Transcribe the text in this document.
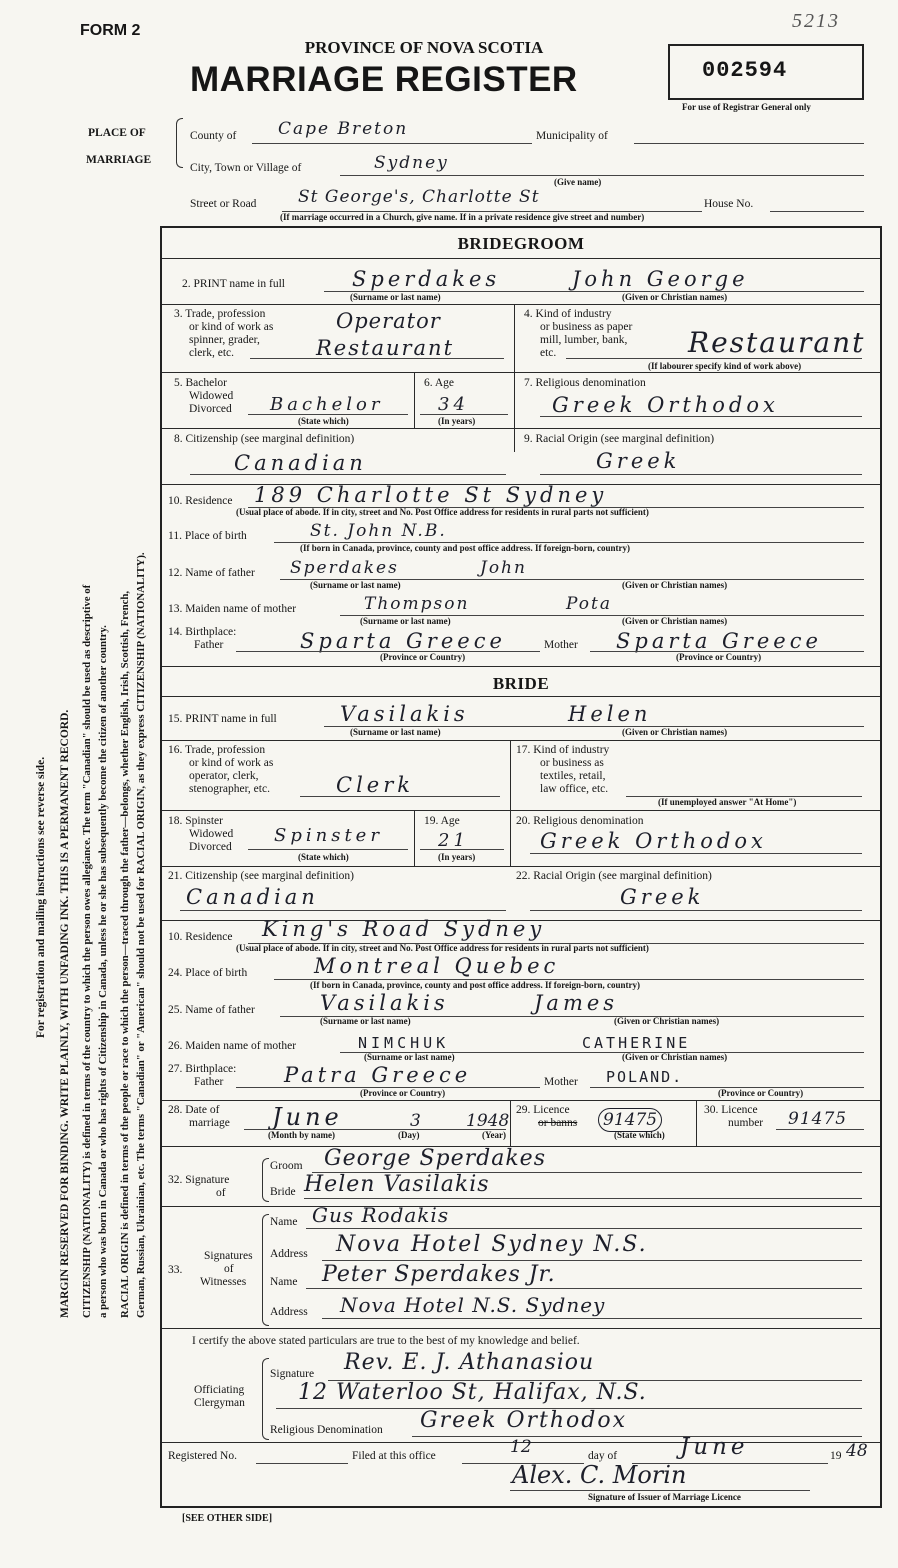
FORM 2	5213
PROVINCE OF NOVA SCOTIA
MARRIAGE REGISTER	002594
For use of Registrar General only
PLACE OF
MARRIAGE
County of Cape Breton	Municipality of
City, Town or Village of	Sydney
(Give name)
Street or Road St George's, Charlotte St	House No.
(If marriage occurred in a Church, give name. If in a private residence give street and number)
For registration and mailing instructions see reverse side. MARGIN RESERVED FOR BINDING. WRITE PLAINLY, WITH UNFADING INK. THIS IS A PERMANENT RECORD. CITIZENSHIP (NATIONALITY) is defined in terms of the country to which the person owes allegiance. The term "Canadian" should be used as descriptive of a person who was born in Canada or who has rights of Citizenship in Canada, unless he or she has subsequently become the citizen of another country. RACIAL ORIGIN is defined in terms of the people or race to which the person—traced through the father—belongs, whether English, Irish, Scottish, French, German, Russian, Ukrainian, etc. The terms "Canadian" or "American" should not be used for RACIAL ORIGIN, as they express CITIZENSHIP (NATIONALITY).
BRIDEGROOM
2. PRINT name in full	Sperdakes	John George
(Surname or last name)	(Given or Christian names)
3. Trade, profession
or kind of work as
spinner, grader,
clerk, etc.
Operator
Restaurant
4. Kind of industry
or business as paper
mill, lumber, bank,
etc.	Restaurant
(If labourer specify kind of work above)
5. Bachelor
Widowed
Divorced Bachelor
(State which)
6. Age
34
(In years)
7. Religious denomination
Greek Orthodox
8. Citizenship (see marginal definition)
Canadian
9. Racial Origin (see marginal definition)
Greek
10. Residence 189 Charlotte St Sydney
(Usual place of abode. If in city, street and No. Post Office address for residents in rural parts not sufficient)
11. Place of birth	St. John N.B.
(If born in Canada, province, county and post office address. If foreign-born, country)
12. Name of father Sperdakes	John
(Surname or last name)	(Given or Christian names)
13. Maiden name of mother	Thompson	Pota
(Surname or last name)	(Given or Christian names)
14. Birthplace:
Father	Sparta Greece	Mother Sparta Greece
(Province or Country)	(Province or Country)
BRIDE
15. PRINT name in full	Vasilakis	Helen
(Surname or last name)	(Given or Christian names)
16. Trade, profession
or kind of work as
operator, clerk,
stenographer, etc.	Clerk
17. Kind of industry
or business as
textiles, retail,
law office, etc.
(If unemployed answer "At Home")
18. Spinster
Widowed
Divorced
Spinster
(State which)
19. Age
21
(In years)
20. Religious denomination
Greek Orthodox
21. Citizenship (see marginal definition)
Canadian
22. Racial Origin (see marginal definition)
Greek
10. Residence King's Road Sydney
(Usual place of abode. If in city, street and No. Post Office address for residents in rural parts not sufficient)
24. Place of birth	Montreal Quebec
(If born in Canada, province, county and post office address. If foreign-born, country)
25. Name of father	Vasilakis	James
(Surname or last name)	(Given or Christian names)
26. Maiden name of mother	NIMCHUK	CATHERINE
(Surname or last name)	(Given or Christian names)
27. Birthplace:
Father	Patra Greece	Mother POLAND.
(Province or Country)	(Province or Country)
28. Date of
marriage June	3	1948
(Month by name)	(Day)	(Year)
29. Licence
or banns 91475
(State which)
30. Licence
number 91475
32. Signature
of
Groom George Sperdakes
Bride Helen Vasilakis
33.
Signatures
of
Witnesses
Name Gus Rodakis
Address Nova Hotel Sydney N.S.
Name Peter Sperdakes Jr.
Address Nova Hotel N.S. Sydney
I certify the above stated particulars are true to the best of my knowledge and belief.
Officiating
Clergyman
Signature Rev. E. J. Athanasiou
12 Waterloo St, Halifax, N.S.
Religious Denomination Greek Orthodox
Registered No.	Filed at this office	12	day of	June	19 48
Alex. C. Morin
Signature of Issuer of Marriage Licence
[SEE OTHER SIDE]
